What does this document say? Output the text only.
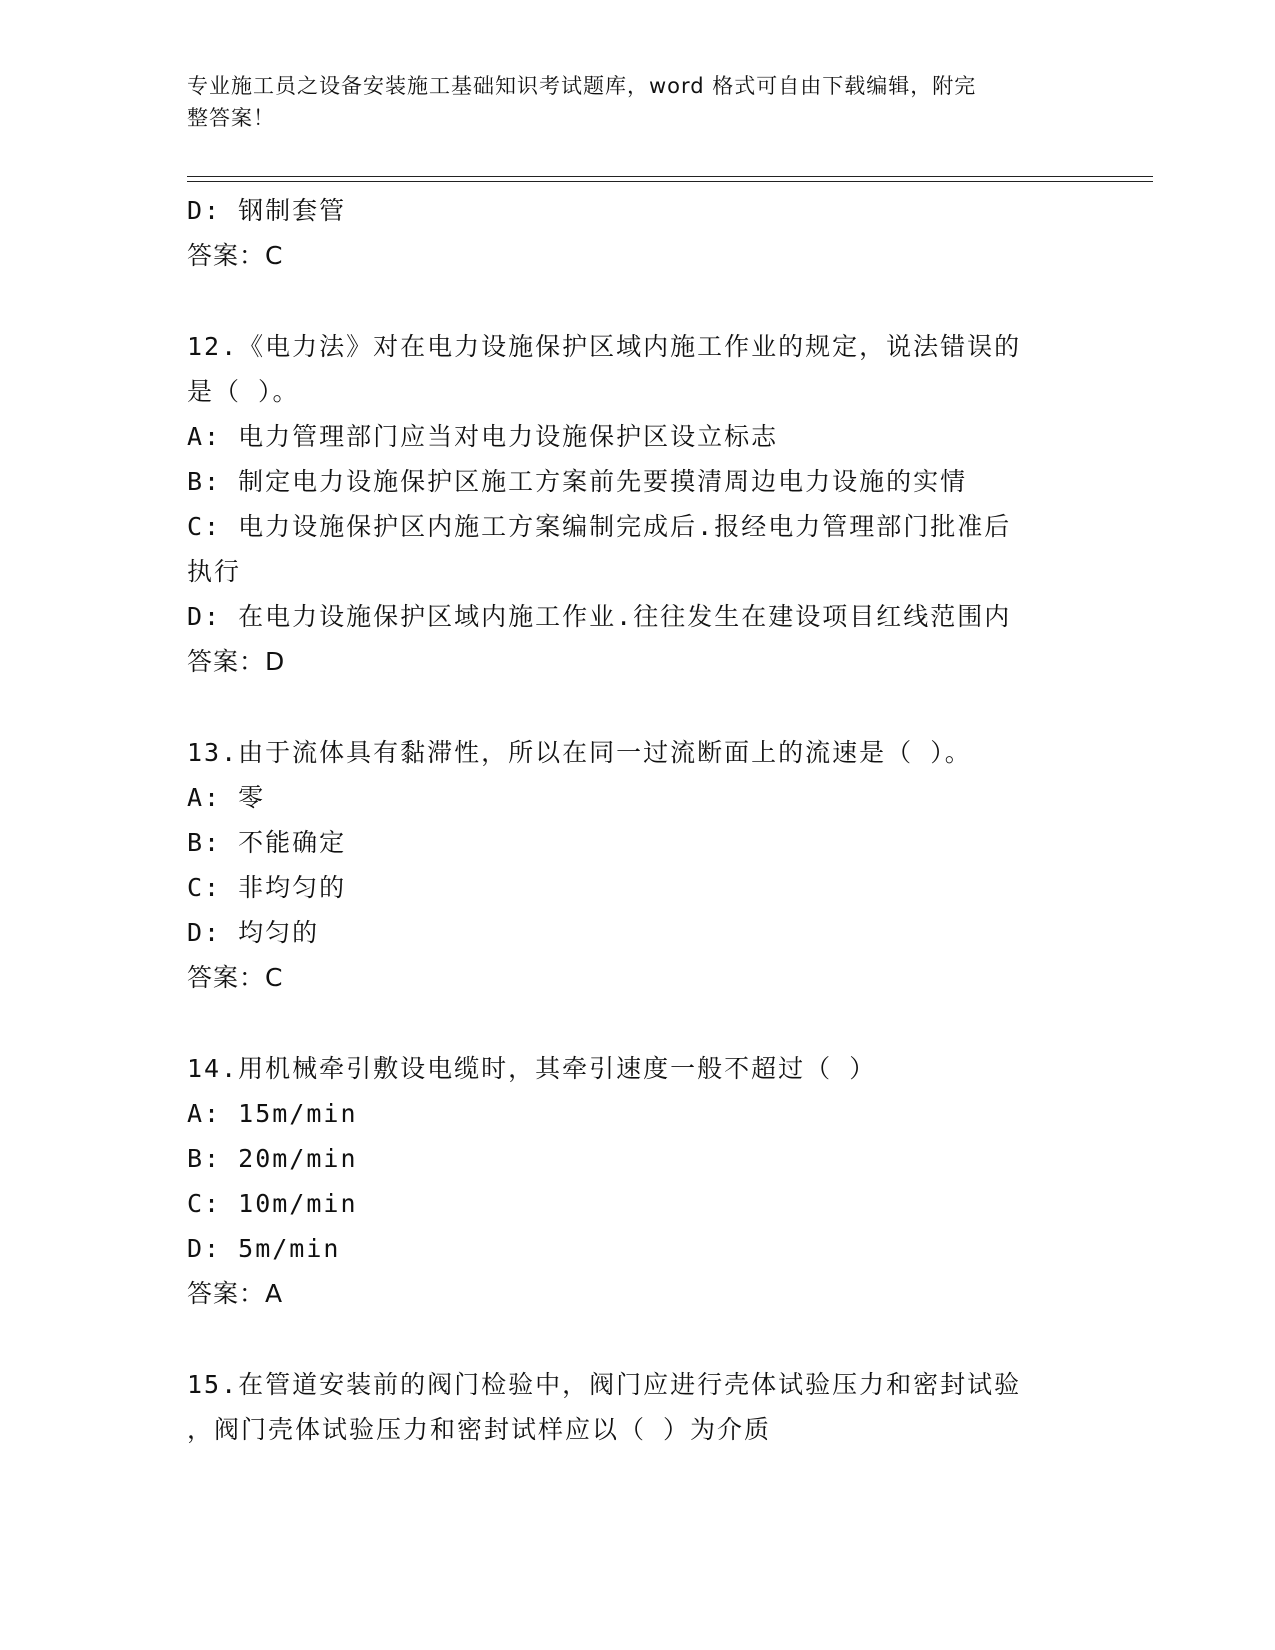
专业施工员之设备安装施工基础知识考试题库，word 格式可自由下载编辑，附完
整答案！
D: 钢制套管
答案：C
12.《电力法》对在电力设施保护区域内施工作业的规定，说法错误的
是（ ）。
A: 电力管理部门应当对电力设施保护区设立标志
B: 制定电力设施保护区施工方案前先要摸清周边电力设施的实情
C: 电力设施保护区内施工方案编制完成后.报经电力管理部门批准后
执行
D: 在电力设施保护区域内施工作业.往往发生在建设项目红线范围内
答案：D
13.由于流体具有黏滞性，所以在同一过流断面上的流速是（ ）。
A: 零
B: 不能确定
C: 非均匀的
D: 均匀的
答案：C
14.用机械牵引敷设电缆时，其牵引速度一般不超过（ ）
A: 15m/min
B: 20m/min
C: 10m/min
D: 5m/min
答案：A
15.在管道安装前的阀门检验中，阀门应进行壳体试验压力和密封试验
，阀门壳体试验压力和密封试样应以（ ）为介质
